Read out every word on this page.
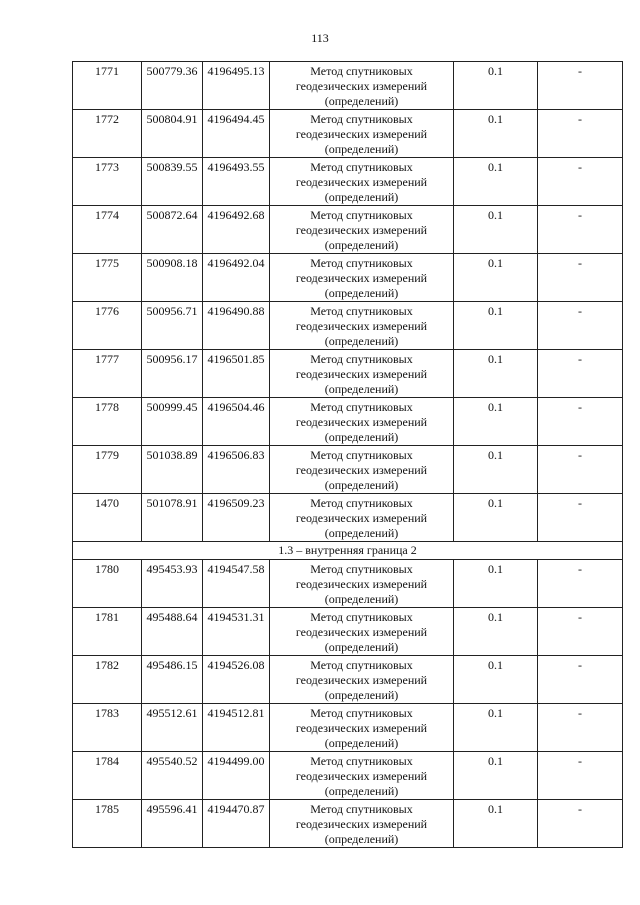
113
1771	500779.36	4196495.13	Метод спутниковых
геодезических измерений
(определений)	0.1	-
1772	500804.91	4196494.45	Метод спутниковых
геодезических измерений
(определений)	0.1	-
1773	500839.55	4196493.55	Метод спутниковых
геодезических измерений
(определений)	0.1	-
1774	500872.64	4196492.68	Метод спутниковых
геодезических измерений
(определений)	0.1	-
1775	500908.18	4196492.04	Метод спутниковых
геодезических измерений
(определений)	0.1	-
1776	500956.71	4196490.88	Метод спутниковых
геодезических измерений
(определений)	0.1	-
1777	500956.17	4196501.85	Метод спутниковых
геодезических измерений
(определений)	0.1	-
1778	500999.45	4196504.46	Метод спутниковых
геодезических измерений
(определений)	0.1	-
1779	501038.89	4196506.83	Метод спутниковых
геодезических измерений
(определений)	0.1	-
1470	501078.91	4196509.23	Метод спутниковых
геодезических измерений
(определений)	0.1	-
1.3 – внутренняя граница 2					
1780	495453.93	4194547.58	Метод спутниковых
геодезических измерений
(определений)	0.1	-
1781	495488.64	4194531.31	Метод спутниковых
геодезических измерений
(определений)	0.1	-
1782	495486.15	4194526.08	Метод спутниковых
геодезических измерений
(определений)	0.1	-
1783	495512.61	4194512.81	Метод спутниковых
геодезических измерений
(определений)	0.1	-
1784	495540.52	4194499.00	Метод спутниковых
геодезических измерений
(определений)	0.1	-
1785	495596.41	4194470.87	Метод спутниковых
геодезических измерений
(определений)	0.1	-
